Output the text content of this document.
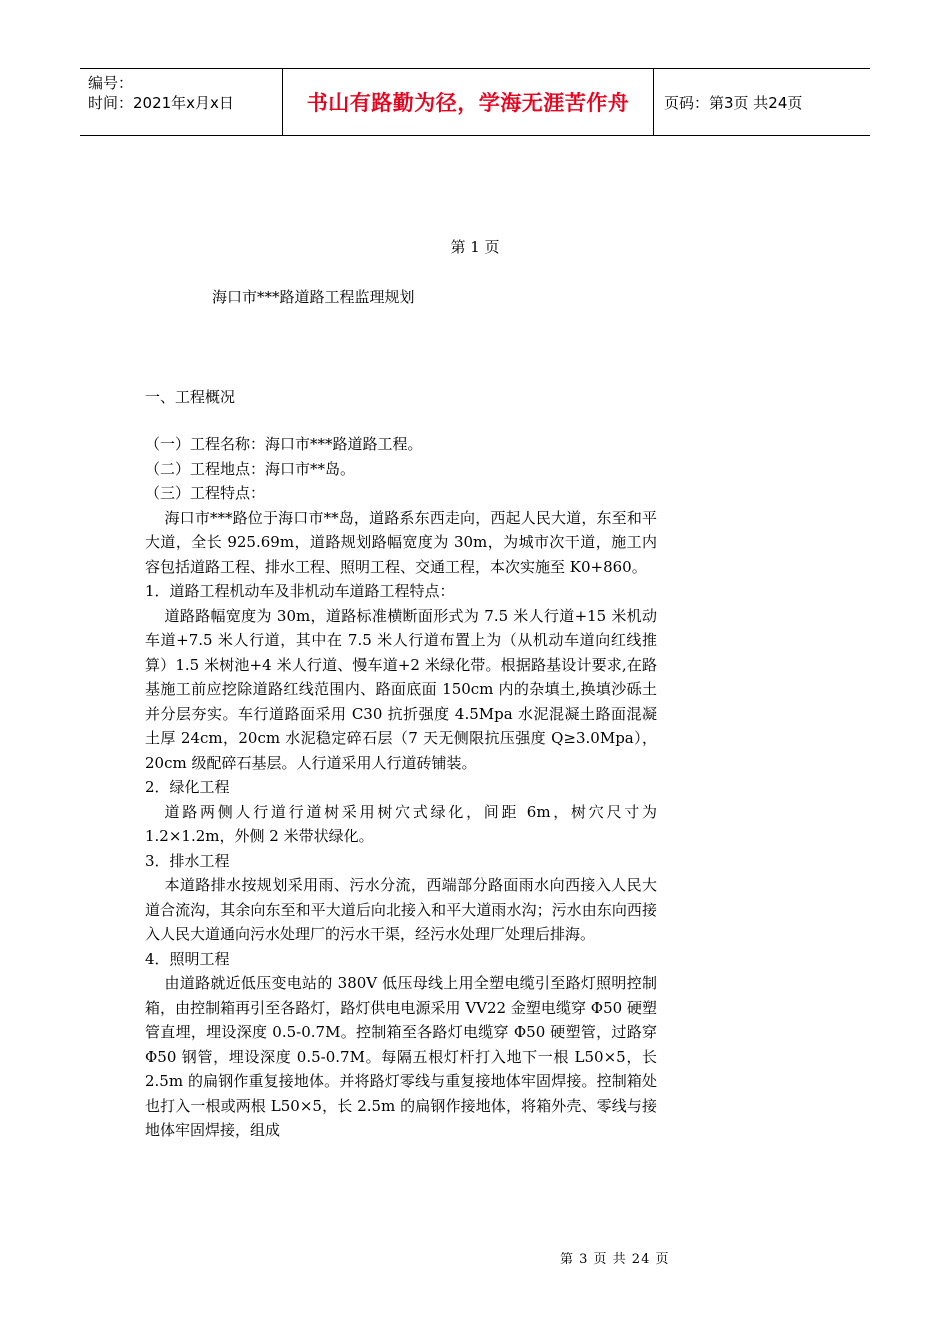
编号：
时间：2021年x月x日	书山有路勤为径，学海无涯苦作舟	页码：第3页 共24页
第 1 页
海口市***路道路工程监理规划
一、工程概况

（一）工程名称：海口市***路道路工程。

（二）工程地点：海口市**岛。

（三）工程特点：

海口市***路位于海口市**岛，道路系东西走向，西起人民大道，东至和平大道，全长 925.69m，道路规划路幅宽度为 30m，为城市次干道，施工内容包括道路工程、排水工程、照明工程、交通工程，本次实施至 K0+860。

1．道路工程机动车及非机动车道路工程特点：

道路路幅宽度为 30m，道路标准横断面形式为 7.5 米人行道+15 米机动车道+7.5 米人行道，其中在 7.5 米人行道布置上为（从机动车道向红线推算）1.5 米树池+4 米人行道、慢车道+2 米绿化带。根据路基设计要求,在路基施工前应挖除道路红线范围内、路面底面 150cm 内的杂填土,换填沙砾土并分层夯实。车行道路面采用 C30 抗折强度 4.5Mpa 水泥混凝土路面混凝土厚 24cm，20cm 水泥稳定碎石层（7 天无侧限抗压强度 Q≥3.0Mpa），20cm 级配碎石基层。人行道采用人行道砖铺装。

2．绿化工程

道路两侧人行道行道树采用树穴式绿化，间距 6m，树穴尺寸为 1.2×1.2m，外侧 2 米带状绿化。

3．排水工程

本道路排水按规划采用雨、污水分流，西端部分路面雨水向西接入人民大道合流沟，其余向东至和平大道后向北接入和平大道雨水沟；污水由东向西接入人民大道通向污水处理厂的污水干渠，经污水处理厂处理后排海。

4．照明工程

由道路就近低压变电站的 380V 低压母线上用全塑电缆引至路灯照明控制箱，由控制箱再引至各路灯，路灯供电电源采用 VV22 金塑电缆穿 Φ50 硬塑管直埋，埋设深度 0.5-0.7M。控制箱至各路灯电缆穿 Φ50 硬塑管，过路穿 Φ50 钢管，埋设深度 0.5-0.7M。每隔五根灯杆打入地下一根 L50×5，长 2.5m 的扁钢作重复接地体。并将路灯零线与重复接地体牢固焊接。控制箱处也打入一根或两根 L50×5，长 2.5m 的扁钢作接地体，将箱外壳、零线与接地体牢固焊接，组成

第 3 页 共 24 页
